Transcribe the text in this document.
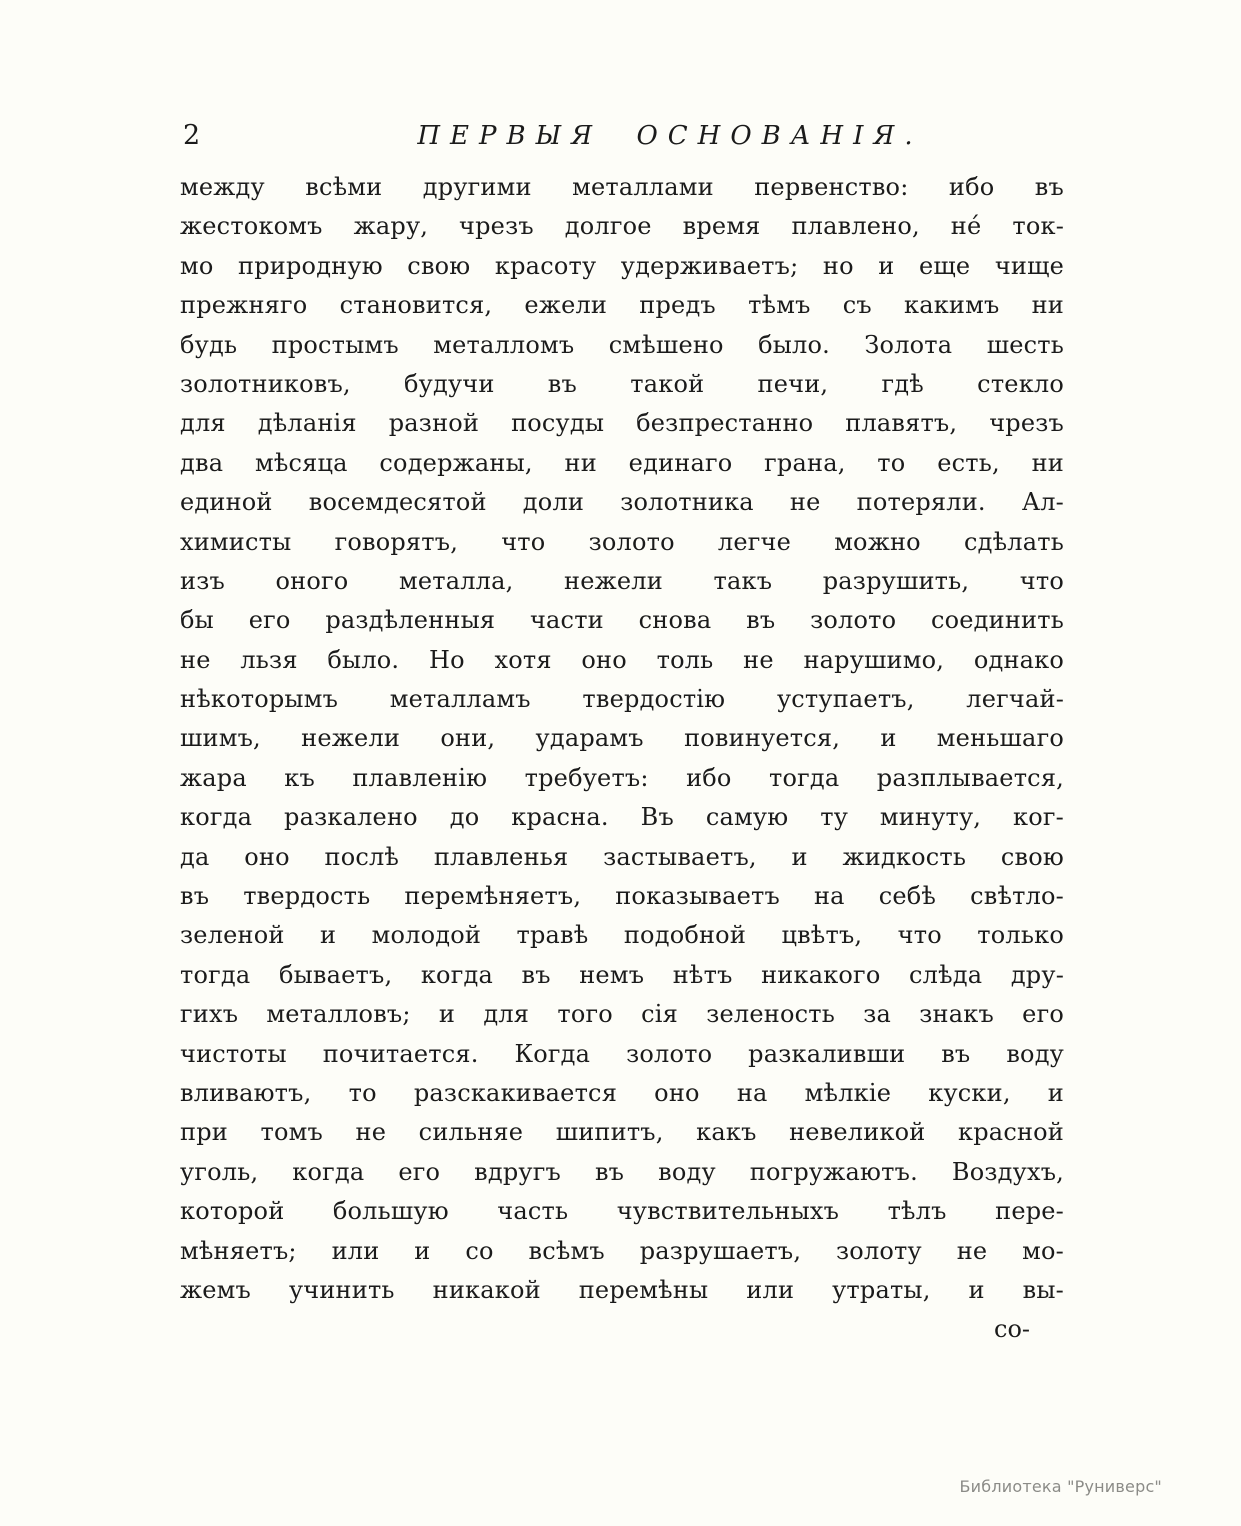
2	ПЕРВЫЯ ОСНОВАНІЯ.
между всѣми другими металлами первенство: ибо въ
жестокомъ жару, чрезъ долгое время плавлено, не́ ток-
мо природную свою красоту удерживаетъ; но и еще чище
прежняго становится, ежели предъ тѣмъ съ какимъ ни
будь простымъ металломъ смѣшено было. Золота шесть
золотниковъ, будучи въ такой печи, гдѣ стекло
для дѣланія разной посуды безпрестанно плавятъ, чрезъ
два мѣсяца содержаны, ни единаго грана, то есть, ни
единой восемдесятой доли золотника не потеряли. Ал-
химисты говорятъ, что золото легче можно сдѣлать
изъ оного металла, нежели такъ разрушить, что
бы его раздѣленныя части снова въ золото соединить
не льзя было. Но хотя оно толь не нарушимо, однако
нѣкоторымъ металламъ твердостію уступаетъ, легчай-
шимъ, нежели они, ударамъ повинуется, и меньшаго
жара къ плавленію требуетъ: ибо тогда разплывается,
когда разкалено до красна. Въ самую ту минуту, ког-
да оно послѣ плавленья застываетъ, и жидкость свою
въ твердость перемѣняетъ, показываетъ на себѣ свѣтло-
зеленой и молодой травѣ подобной цвѣтъ, что только
тогда бываетъ, когда въ немъ нѣтъ никакого слѣда дру-
гихъ металловъ; и для того сія зеленость за знакъ его
чистоты почитается. Когда золото разкаливши въ воду
вливаютъ, то разскакивается оно на мѣлкіе куски, и
при томъ не сильняе шипитъ, какъ невеликой красной
уголь, когда его вдругъ въ воду погружаютъ. Воздухъ,
которой большую часть чувствительныхъ тѣлъ пере-
мѣняетъ; или и со всѣмъ разрушаетъ, золоту не мо-
жемъ учинить никакой перемѣны или утраты, и вы-
со-
Библиотека "Руниверс"
